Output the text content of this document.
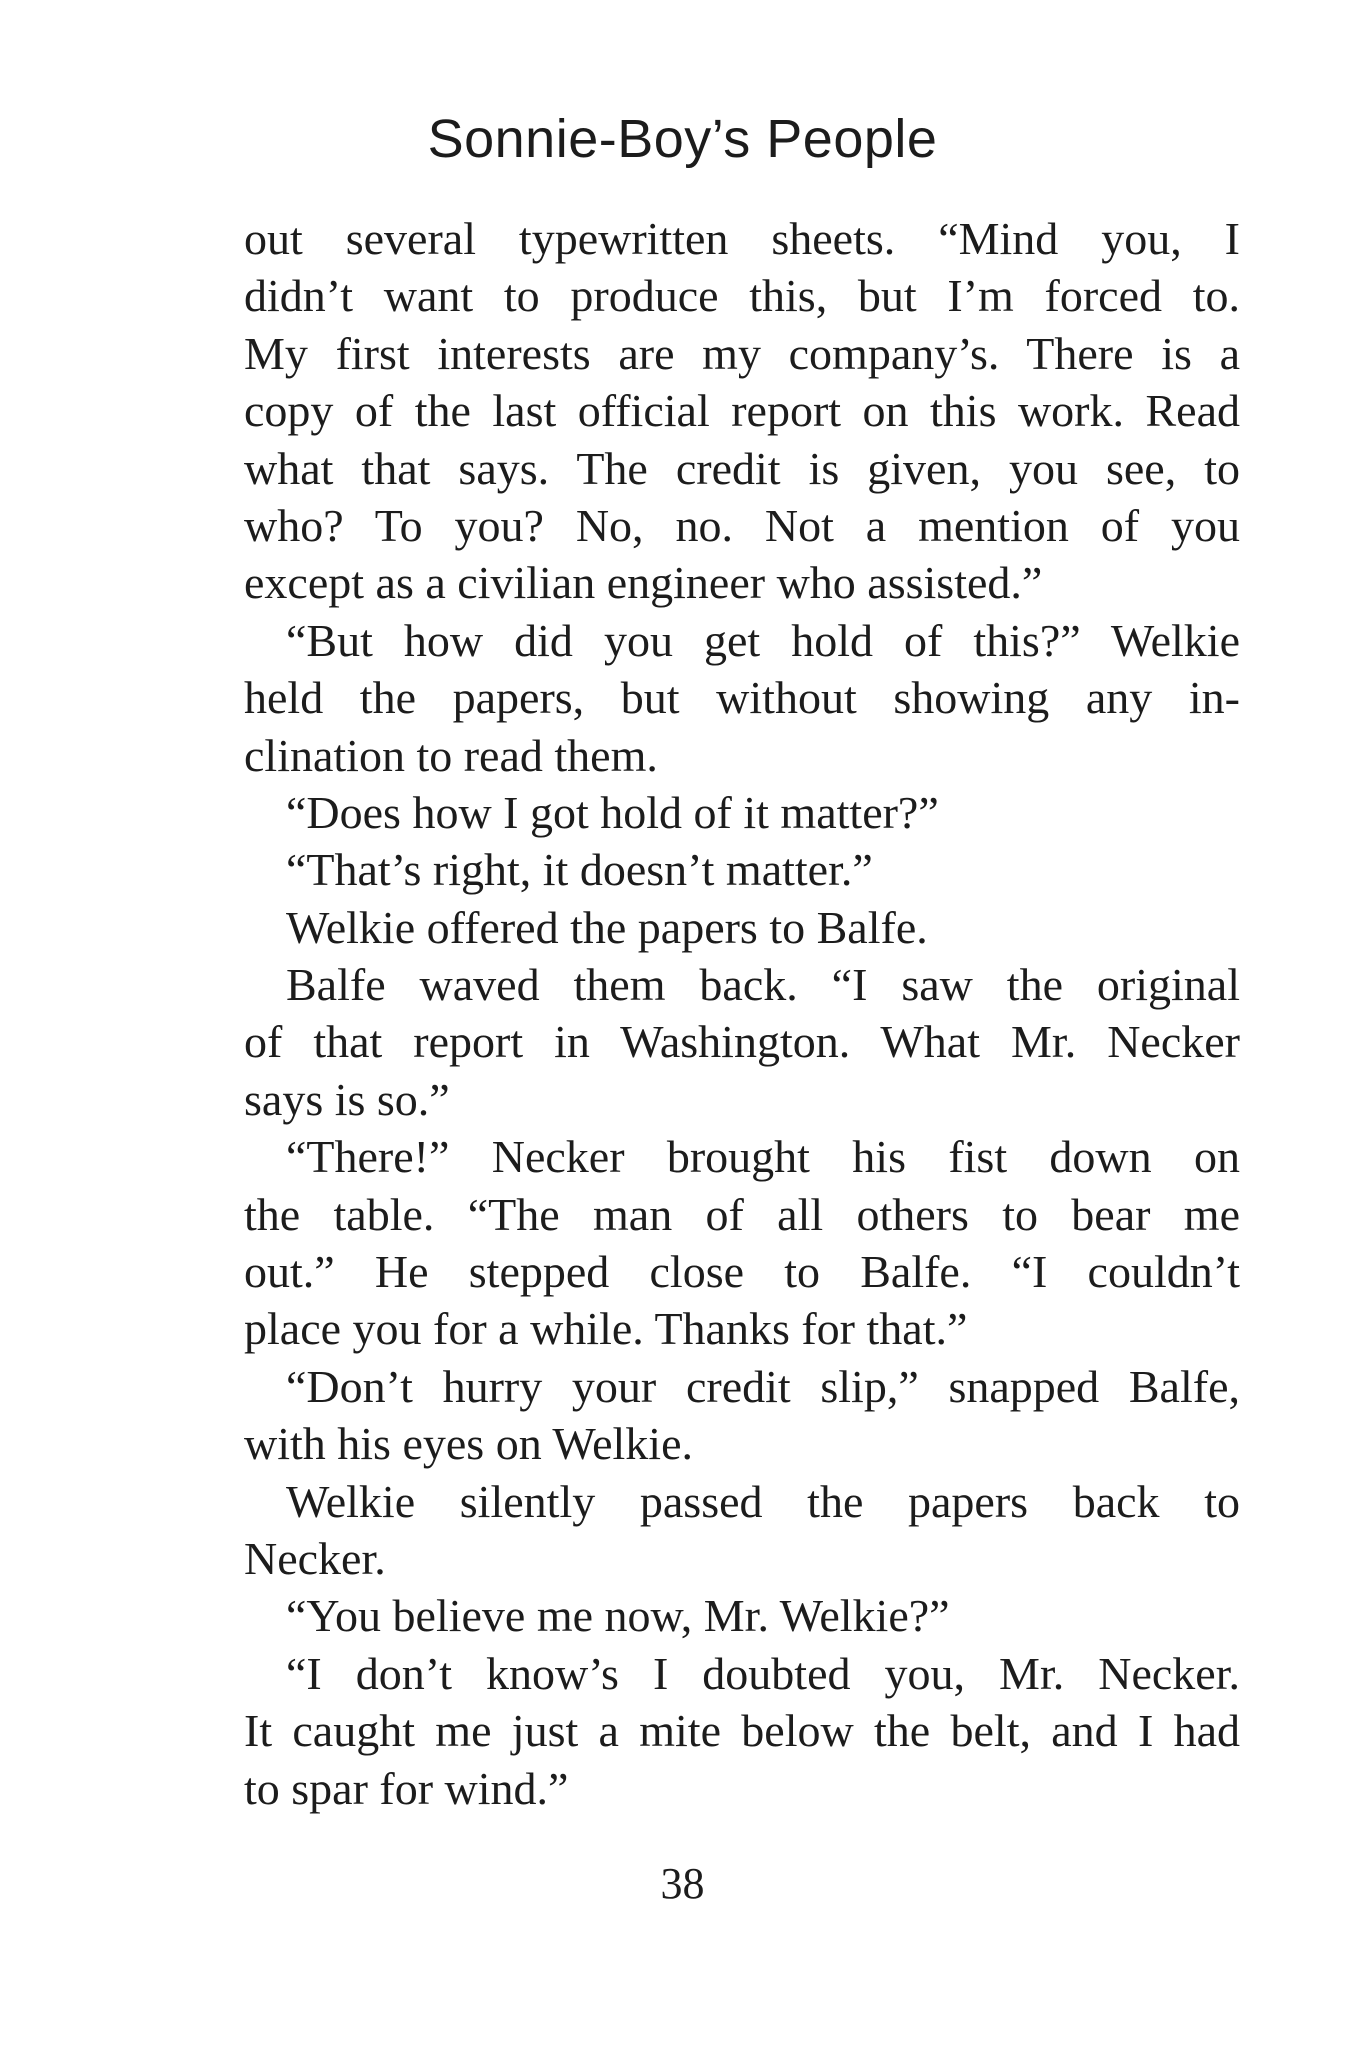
Sonnie-Boy’s People
out several typewritten sheets. “Mind you, I
didn’t want to produce this, but I’m forced to.
My first interests are my company’s. There is a
copy of the last official report on this work. Read
what that says. The credit is given, you see, to
who? To you? No, no. Not a mention of you
except as a civilian engineer who assisted.”
“But how did you get hold of this?” Welkie
held the papers, but without showing any in-
clination to read them.
“Does how I got hold of it matter?”
“That’s right, it doesn’t matter.”
Welkie offered the papers to Balfe.
Balfe waved them back. “I saw the original
of that report in Washington. What Mr. Necker
says is so.”
“There!” Necker brought his fist down on
the table. “The man of all others to bear me
out.” He stepped close to Balfe. “I couldn’t
place you for a while. Thanks for that.”
“Don’t hurry your credit slip,” snapped Balfe,
with his eyes on Welkie.
Welkie silently passed the papers back to
Necker.
“You believe me now, Mr. Welkie?”
“I don’t know’s I doubted you, Mr. Necker.
It caught me just a mite below the belt, and I had
to spar for wind.”
38
